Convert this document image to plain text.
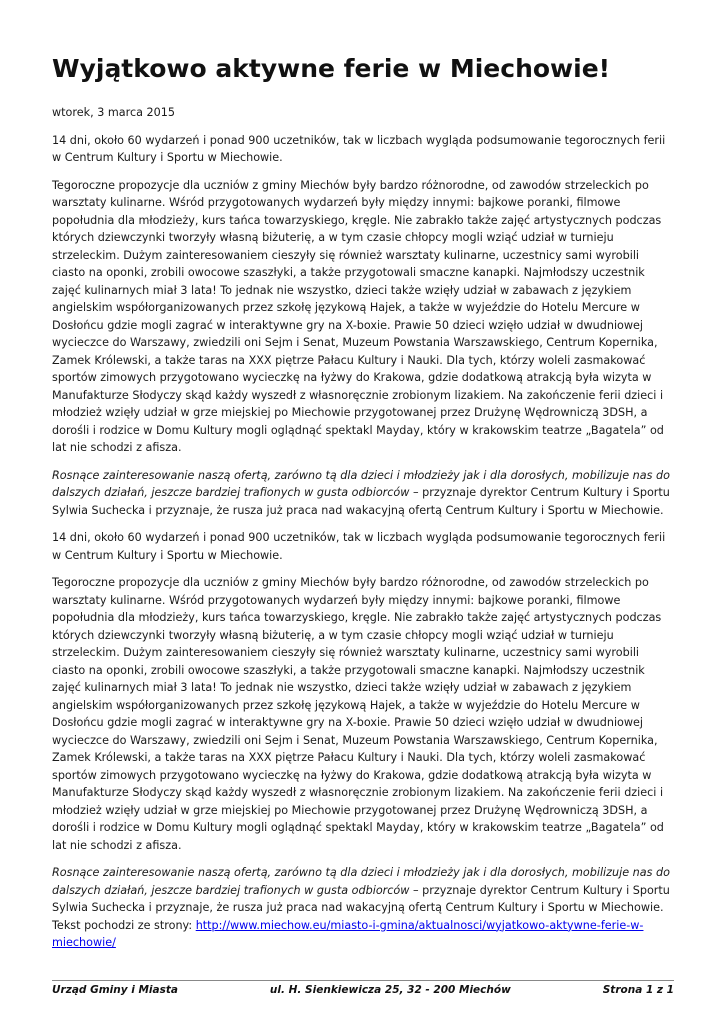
Wyjątkowo aktywne ferie w Miechowie!

wtorek, 3 marca 2015

14 dni, około 60 wydarzeń i ponad 900 uczetników, tak w liczbach wygląda podsumowanie tegorocznych ferii w Centrum Kultury i Sportu w Miechowie.

Tegoroczne propozycje dla uczniów z gminy Miechów były bardzo różnorodne, od zawodów strzeleckich po warsztaty kulinarne. Wśród przygotowanych wydarzeń były między innymi: bajkowe poranki, filmowe popołudnia dla młodzieży, kurs tańca towarzyskiego, kręgle. Nie zabrakło także zajęć artystycznych podczas których dziewczynki tworzyły własną biżuterię, a w tym czasie chłopcy mogli wziąć udział w turnieju strzeleckim. Dużym zainteresowaniem cieszyły się również warsztaty kulinarne, uczestnicy sami wyrobili ciasto na oponki, zrobili owocowe szaszłyki, a także przygotowali smaczne kanapki. Najmłodszy uczestnik zajęć kulinarnych miał 3 lata! To jednak nie wszystko, dzieci także wzięły udział w zabawach z językiem angielskim współorganizowanych przez szkołę językową Hajek, a także w wyjeździe do Hotelu Mercure w Dosłońcu gdzie mogli zagrać w interaktywne gry na X-boxie. Prawie 50 dzieci wzięło udział w dwudniowej wycieczce do Warszawy, zwiedzili oni Sejm i Senat, Muzeum Powstania Warszawskiego, Centrum Kopernika, Zamek Królewski, a także taras na XXX piętrze Pałacu Kultury i Nauki. Dla tych, którzy woleli zasmakować sportów zimowych przygotowano wycieczkę na łyżwy do Krakowa, gdzie dodatkową atrakcją była wizyta w Manufakturze Słodyczy skąd każdy wyszedł z własnoręcznie zrobionym lizakiem. Na zakończenie ferii dzieci i młodzież wzięły udział w grze miejskiej po Miechowie przygotowanej przez Drużynę Wędrowniczą 3DSH, a dorośli i rodzice w Domu Kultury mogli oglądnąć spektakl Mayday, który w krakowskim teatrze „Bagatela” od lat nie schodzi z afisza.

Rosnące zainteresowanie naszą ofertą, zarówno tą dla dzieci i młodzieży jak i dla dorosłych, mobilizuje nas do dalszych działań, jeszcze bardziej trafionych w gusta odbiorców – przyznaje dyrektor Centrum Kultury i Sportu Sylwia Suchecka i przyznaje, że rusza już praca nad wakacyjną ofertą Centrum Kultury i Sportu w Miechowie.

14 dni, około 60 wydarzeń i ponad 900 uczetników, tak w liczbach wygląda podsumowanie tegorocznych ferii w Centrum Kultury i Sportu w Miechowie.

Tegoroczne propozycje dla uczniów z gminy Miechów były bardzo różnorodne, od zawodów strzeleckich po warsztaty kulinarne. Wśród przygotowanych wydarzeń były między innymi: bajkowe poranki, filmowe popołudnia dla młodzieży, kurs tańca towarzyskiego, kręgle. Nie zabrakło także zajęć artystycznych podczas których dziewczynki tworzyły własną biżuterię, a w tym czasie chłopcy mogli wziąć udział w turnieju strzeleckim. Dużym zainteresowaniem cieszyły się również warsztaty kulinarne, uczestnicy sami wyrobili ciasto na oponki, zrobili owocowe szaszłyki, a także przygotowali smaczne kanapki. Najmłodszy uczestnik zajęć kulinarnych miał 3 lata! To jednak nie wszystko, dzieci także wzięły udział w zabawach z językiem angielskim współorganizowanych przez szkołę językową Hajek, a także w wyjeździe do Hotelu Mercure w Dosłońcu gdzie mogli zagrać w interaktywne gry na X-boxie. Prawie 50 dzieci wzięło udział w dwudniowej wycieczce do Warszawy, zwiedzili oni Sejm i Senat, Muzeum Powstania Warszawskiego, Centrum Kopernika, Zamek Królewski, a także taras na XXX piętrze Pałacu Kultury i Nauki. Dla tych, którzy woleli zasmakować sportów zimowych przygotowano wycieczkę na łyżwy do Krakowa, gdzie dodatkową atrakcją była wizyta w Manufakturze Słodyczy skąd każdy wyszedł z własnoręcznie zrobionym lizakiem. Na zakończenie ferii dzieci i młodzież wzięły udział w grze miejskiej po Miechowie przygotowanej przez Drużynę Wędrowniczą 3DSH, a dorośli i rodzice w Domu Kultury mogli oglądnąć spektakl Mayday, który w krakowskim teatrze „Bagatela” od lat nie schodzi z afisza.

Rosnące zainteresowanie naszą ofertą, zarówno tą dla dzieci i młodzieży jak i dla dorosłych, mobilizuje nas do dalszych działań, jeszcze bardziej trafionych w gusta odbiorców – przyznaje dyrektor Centrum Kultury i Sportu Sylwia Suchecka i przyznaje, że rusza już praca nad wakacyjną ofertą Centrum Kultury i Sportu w Miechowie.

Tekst pochodzi ze strony: http://www.miechow.eu/miasto-i-gmina/aktualnosci/wyjatkowo-aktywne-ferie-w-miechowie/
Urząd Gminy i Miasta	ul. H. Sienkiewicza 25, 32 - 200 Miechów	Strona 1 z 1
